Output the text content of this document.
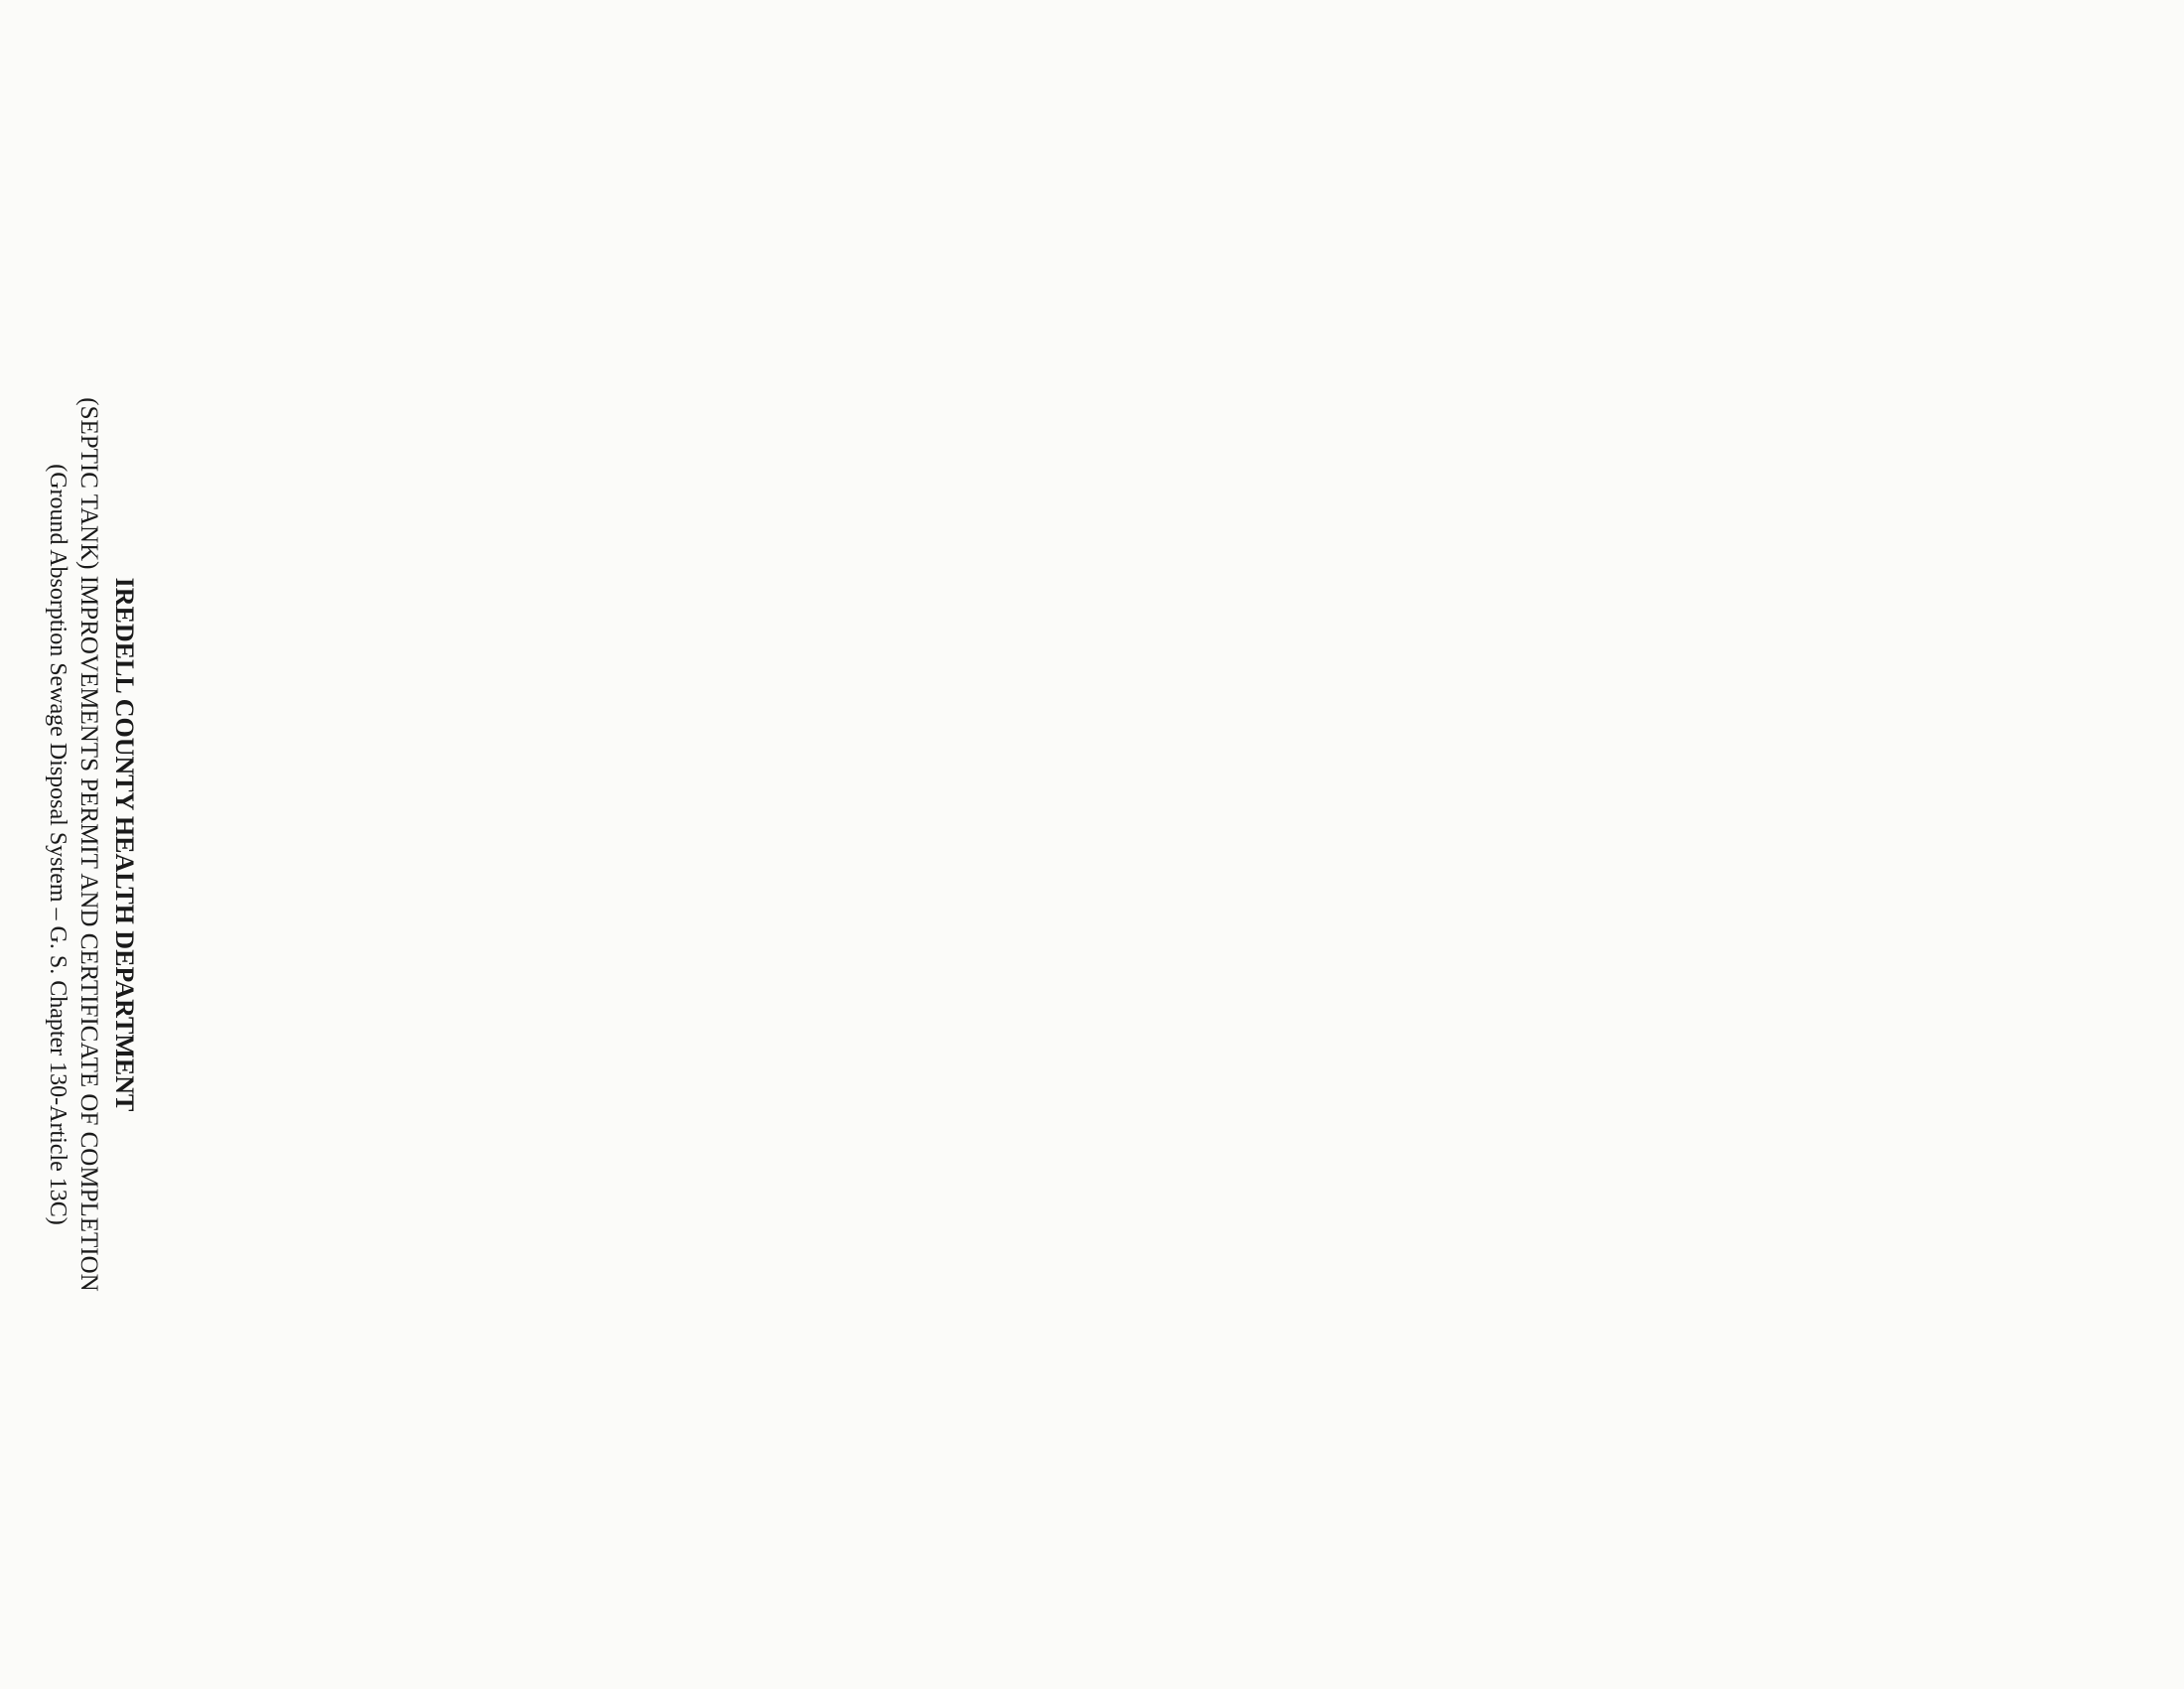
IREDELL COUNTY HEALTH DEPARTMENT
(SEPTIC TANK) IMPROVEMENTS PERMIT AND CERTIFICATE OF COMPLETION
(Ground Absorption Sewage Disposal System – G. S. Chapter 130-Article 13C)
